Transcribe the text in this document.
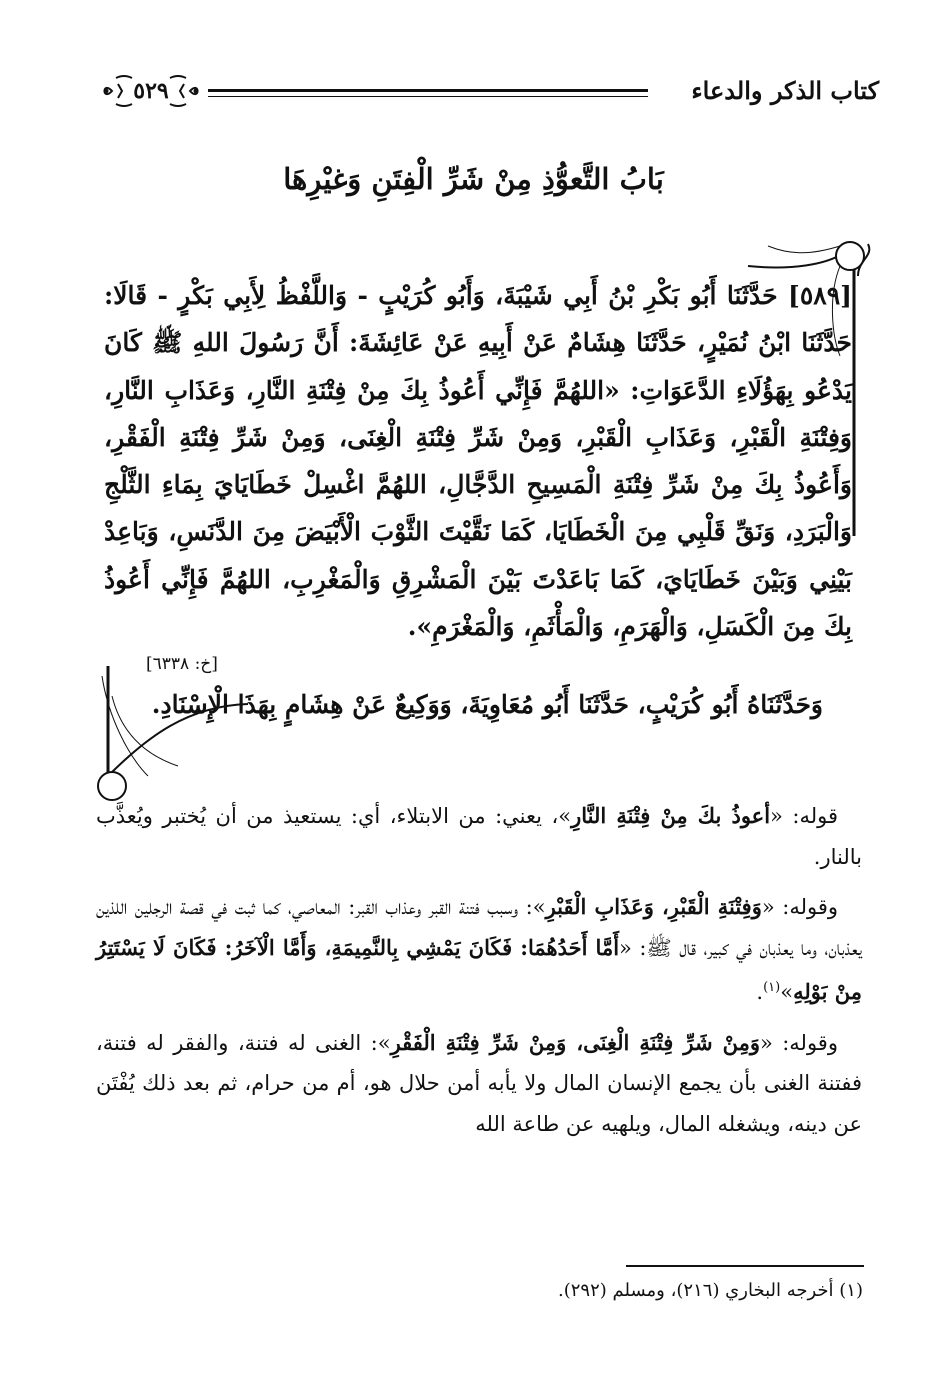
كتاب الذكر والدعاء
٥٢٩
بَابُ التَّعوُّذِ مِنْ شَرِّ الْفِتَنِ وَغيْرِهَا

[٥٨٩] حَدَّثَنَا أَبُو بَكْرِ بْنُ أَبِي شَيْبَةَ، وَأَبُو كُرَيْبٍ - وَاللَّفْظُ لِأَبِي بَكْرٍ - قَالَا: حَدَّثَنَا ابْنُ نُمَيْرٍ، حَدَّثَنَا هِشَامٌ عَنْ أَبِيهِ عَنْ عَائِشَةَ: أَنَّ رَسُولَ اللهِ ﷺ كَانَ يَدْعُو بِهَؤُلَاءِ الدَّعَوَاتِ: «اللهُمَّ فَإِنِّي أَعُوذُ بِكَ مِنْ فِتْنَةِ النَّارِ، وَعَذَابِ النَّارِ، وَفِتْنَةِ الْقَبْرِ، وَعَذَابِ الْقَبْرِ، وَمِنْ شَرِّ فِتْنَةِ الْغِنَى، وَمِنْ شَرِّ فِتْنَةِ الْفَقْرِ، وَأَعُوذُ بِكَ مِنْ شَرِّ فِتْنَةِ الْمَسِيحِ الدَّجَّالِ، اللهُمَّ اغْسِلْ خَطَايَايَ بِمَاءِ الثَّلْجِ وَالْبَرَدِ، وَنَقِّ قَلْبِي مِنَ الْخَطَايَا، كَمَا نَقَّيْتَ الثَّوْبَ الْأَبْيَضَ مِنَ الدَّنَسِ، وَبَاعِدْ بَيْنِي وَبَيْنَ خَطَايَايَ، كَمَا بَاعَدْتَ بَيْنَ الْمَشْرِقِ وَالْمَغْرِبِ، اللهُمَّ فَإِنِّي أَعُوذُ بِكَ مِنَ الْكَسَلِ، وَالْهَرَمِ، وَالْمَأْثَمِ، وَالْمَغْرَمِ».

[خ: ٦٣٣٨]
وَحَدَّثَنَاهُ أَبُو كُرَيْبٍ، حَدَّثَنَا أَبُو مُعَاوِيَةَ، وَوَكِيعٌ عَنْ هِشَامٍ بِهَذَا الْإِسْنَادِ.

قوله: «أعوذُ بكَ مِنْ فِتْنَةِ النَّارِ»، يعني: من الابتلاء، أي: يستعيذ من أن يُختبر ويُعذَّب بالنار.

وقوله: «وَفِتْنَةِ الْقَبْرِ، وَعَذَابِ الْقَبْرِ»: وسبب فتنة القبر وعذاب القبر: المعاصي، كما ثبت في قصة الرجلين اللذين يعذبان، وما يعذبان في كبير، قال ﷺ: «أَمَّا أَحَدُهُمَا: فَكَانَ يَمْشِي بِالنَّمِيمَةِ، وَأَمَّا الْآخَرُ: فَكَانَ لَا يَسْتَتِرُ مِنْ بَوْلِهِ»$^{(١)}$.

وقوله: «وَمِنْ شَرِّ فِتْنَةِ الْغِنَى، وَمِنْ شَرِّ فِتْنَةِ الْفَقْرِ»: الغنى له فتنة، والفقر له فتنة، ففتنة الغنى بأن يجمع الإنسان المال ولا يأبه أمن حلال هو، أم من حرام، ثم بعد ذلك يُفْتَن عن دينه، ويشغله المال، ويلهيه عن طاعة الله

(١) أخرجه البخاري (٢١٦)، ومسلم (٢٩٢).
